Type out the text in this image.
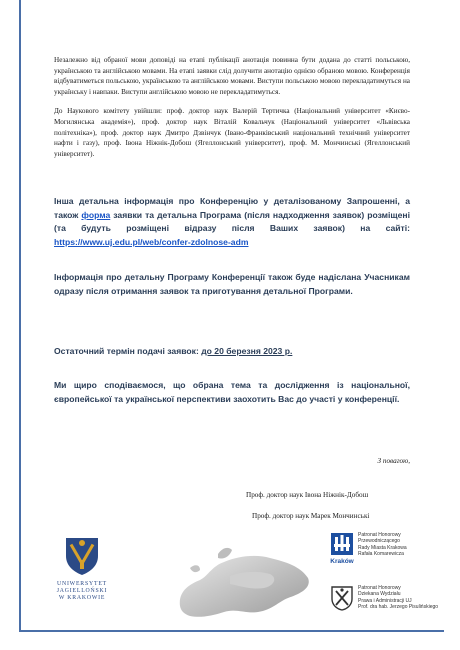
Незалежно від обраної мови доповіді на етапі публікації анотація повинна бути додана до статті польською, українською та англійською мовами. На етапі заявки слід долучити анотацію однією обраною мовою. Конференція відбуватиметься польською, українською та англійською мовами. Виступи польською мовою перекладатимуться на українську і навпаки. Виступи англійською мовою не перекладатимуться.

До Наукового комітету увійшли: проф. доктор наук Валерій Тертичка (Національний університет «Києво-Могилянська академія»), проф. доктор наук Віталій Ковальчук (Національний університет «Львівська політехніка»), проф. доктор наук Дмитро Дзвінчук (Івано-Франківський національний технічний університет нафти і газу), проф. Івона Ніжнік-Добош (Ягеллонський університет), проф. М. Мончинські (Ягеллонський університет).

Інша детальна інформація про Конференцію у деталізованому Запрошенні, а також форма заявки та детальна Програма (після надходження заявок) розміщені (та будуть розміщені відразу після Ваших заявок) на сайті: https://www.uj.edu.pl/web/confer-zdolnose-adm

Інформація про детальну Програму Конференції також буде надіслана Учасникам одразу після отримання заявок та приготування детальної Програми.

Остаточний термін подачі заявок: до 20 березня 2023 р.

Ми щиро сподіваємося, що обрана тема та дослідження із національної, європейської та української перспективи заохотить Вас до участі у конференції.

З повагою,
Проф. доктор наук Івона Ніжнік-Добош
Проф. доктор наук Марек Мончинські
UNIWERSYTET
JAGIELLOŃSKI
W KRAKOWIE
Kraków
Patronat Honorowy
Przewodniczącego
Rady Miasta Krakowa
Rafała Komarewicza
Patronat Honorowy
Dziekana Wydziału
Prawa i Administracji UJ
Prof. dra hab. Jerzego Pisulińskiego
